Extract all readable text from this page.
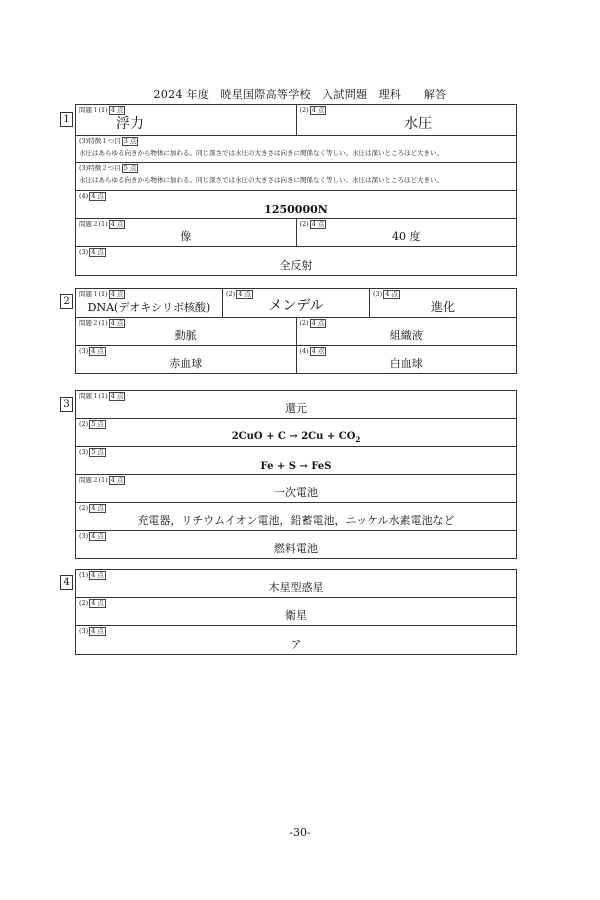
2024 年度　暁星国際高等学校　入試問題　理科　　解答
1
問題１(1) 4 点
浮力
(2) 4 点
水圧
(3)特徴１つ目 3 点
水圧はあらゆる向きから物体に加わる。同じ深さでは水圧の大きさは向きに関係なく等しい。水圧は深いところほど大きい。
(3)特徴２つ目 5 点
水圧はあらゆる向きから物体に加わる。同じ深さでは水圧の大きさは向きに関係なく等しい。水圧は深いところほど大きい。
(4) 4 点
1250000N
問題２(1) 4 点
像
(2) 4 点
40 度
(3) 4 点
全反射
2
問題１(1) 4 点
DNA(デオキシリボ核酸)
(2) 4 点
メンデル
(3) 4 点
進化
問題２(1) 4 点
動脈
(2) 4 点
組織液
(3) 4 点
赤血球
(4) 4 点
白血球
3
問題１(1) 4 点
還元
(2) 5 点
$2CuO + C \to 2Cu + CO_2$
(3) 5 点
Fe + S → FeS
問題２(1) 4 点
一次電池
(2) 4 点
充電器，リチウムイオン電池，鉛蓄電池，ニッケル水素電池など
(3) 4 点
燃料電池
4
(1) 4 点
木星型惑星
(2) 4 点
衛星
(3) 4 点
ア
-30-
